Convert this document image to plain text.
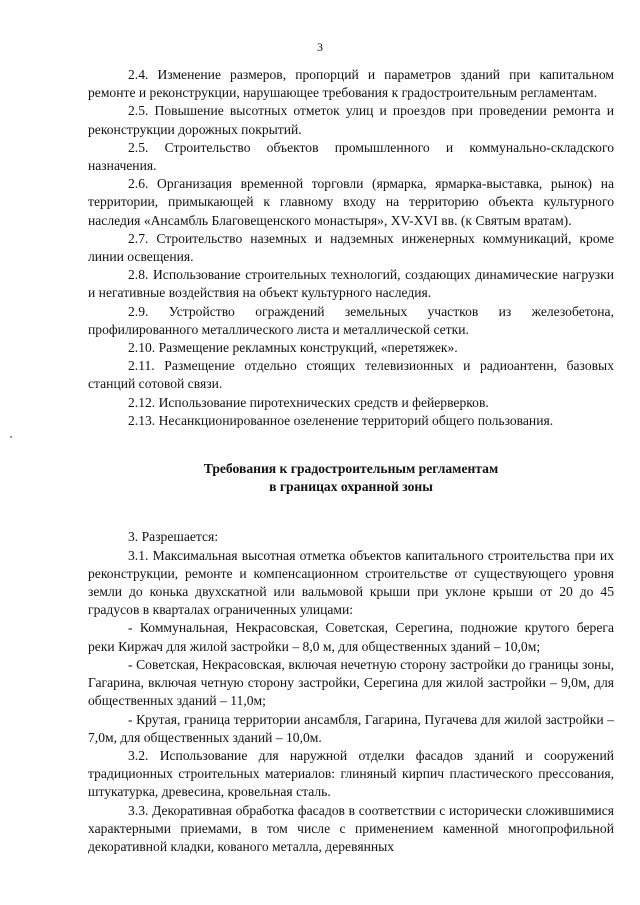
3

2.4. Изменение размеров, пропорций и параметров зданий при капитальном ремонте и реконструкции, нарушающее требования к градостроительным регламентам.

2.5. Повышение высотных отметок улиц и проездов при проведении ремонта и реконструкции дорожных покрытий.

2.5. Строительство объектов промышленного и коммунально-складского назначения.

2.6. Организация временной торговли (ярмарка, ярмарка-выставка, рынок) на территории, примыкающей к главному входу на территорию объекта культурного наследия «Ансамбль Благовещенского монастыря», XV-XVI вв. (к Святым вратам).

2.7. Строительство наземных и надземных инженерных коммуникаций, кроме линии освещения.

2.8. Использование строительных технологий, создающих динамические нагрузки и негативные воздействия на объект культурного наследия.

2.9. Устройство ограждений земельных участков из железобетона, профилированного металлического листа и металлической сетки.

2.10. Размещение рекламных конструкций, «перетяжек».

2.11. Размещение отдельно стоящих телевизионных и радиоантенн, базовых станций сотовой связи.

2.12. Использование пиротехнических средств и фейерверков.

2.13. Несанкционированное озеленение территорий общего пользования.

Требования к градостроительным регламентам

в границах охранной зоны

3. Разрешается:

3.1. Максимальная высотная отметка объектов капитального строительства при их реконструкции, ремонте и компенсационном строительстве от существующего уровня земли до конька двухскатной или вальмовой крыши при уклоне крыши от 20 до 45 градусов в кварталах ограниченных улицами:

- Коммунальная, Некрасовская, Советская, Серегина, подножие крутого берега реки Киржач для жилой застройки – 8,0 м, для общественных зданий – 10,0м;

- Советская, Некрасовская, включая нечетную сторону застройки до границы зоны, Гагарина, включая четную сторону застройки, Серегина для жилой застройки – 9,0м, для общественных зданий – 11,0м;

- Крутая, граница территории ансамбля, Гагарина, Пугачева для жилой застройки – 7,0м, для общественных зданий – 10,0м.

3.2. Использование для наружной отделки фасадов зданий и сооружений традиционных строительных материалов: глиняный кирпич пластического прессования, штукатурка, древесина, кровельная сталь.

3.3. Декоративная обработка фасадов в соответствии с исторически сложившимися характерными приемами, в том числе с применением каменной многопрофильной декоративной кладки, кованого металла, деревянных
